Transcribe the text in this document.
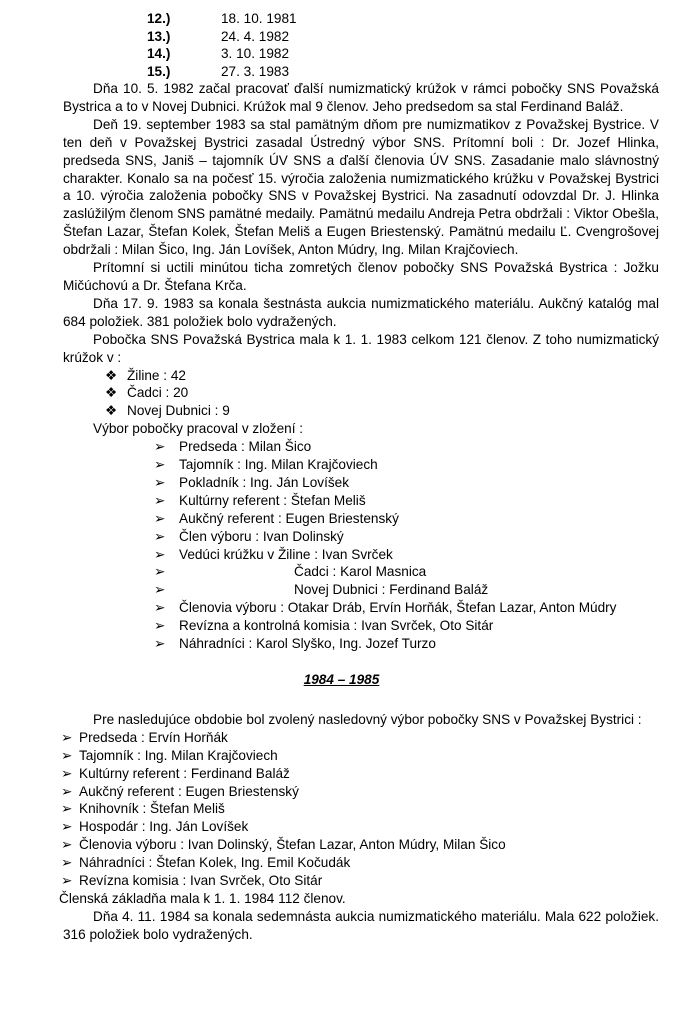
12.)	18. 10. 1981
13.)	24. 4. 1982
14.)	3. 10. 1982
15.)	27. 3. 1983

Dňa 10. 5. 1982 začal pracovať ďalší numizmatický krúžok v rámci pobočky SNS Považská Bystrica a to v Novej Dubnici. Krúžok mal 9 členov. Jeho predsedom sa stal Ferdinand Baláž.

Deň 19. september 1983 sa stal pamätným dňom pre numizmatikov z Považskej Bystrice. V ten deň v Považskej Bystrici zasadal Ústredný výbor SNS. Prítomní boli : Dr. Jozef Hlinka, predseda SNS, Janiš – tajomník ÚV SNS a ďalší členovia ÚV SNS. Zasadanie malo slávnostný charakter. Konalo sa na počesť 15. výročia založenia numizmatického krúžku v Považskej Bystrici a 10. výročia založenia pobočky SNS v Považskej Bystrici. Na zasadnutí odovzdal Dr. J. Hlinka zaslúžilým členom SNS pamätné medaily. Pamätnú medailu Andreja Petra obdržali : Viktor Obešla, Štefan Lazar, Štefan Kolek, Štefan Meliš a Eugen Briestenský. Pamätnú medailu Ľ. Cvengrošovej obdržali : Milan Šico, Ing. Ján Lovíšek, Anton Múdry, Ing. Milan Krajčoviech.

Prítomní si uctili minútou ticha zomretých členov pobočky SNS Považská Bystrica : Jožku Mičúchovú a Dr. Štefana Krča.

Dňa 17. 9. 1983 sa konala šestnásta aukcia numizmatického materiálu. Aukčný katalóg mal 684 položiek. 381 položiek bolo vydražených.

Pobočka SNS Považská Bystrica mala k 1. 1. 1983 celkom 121 členov. Z toho numizmatický krúžok v :

❖ Žiline : 42
❖ Čadci : 20
❖ Novej Dubnici : 9

Výbor pobočky pracoval v zložení :

➢	Predseda : Milan Šico
➢	Tajomník : Ing. Milan Krajčoviech
➢	Pokladník : Ing. Ján Lovíšek
➢	Kultúrny referent : Štefan Meliš
➢	Aukčný referent : Eugen Briestenský
➢	Člen výboru : Ivan Dolinský
➢	Vedúci krúžku v Žiline : Ivan Svrček
➢	Čadci : Karol Masnica
➢	Novej Dubnici : Ferdinand Baláž
➢	Členovia výboru : Otakar Dráb, Ervín Horňák, Štefan Lazar, Anton Múdry
➢	Revízna a kontrolná komisia : Ivan Svrček, Oto Sitár
➢	Náhradníci : Karol Slyško, Ing. Jozef Turzo
1984 – 1985

Pre nasledujúce obdobie bol zvolený nasledovný výbor pobočky SNS v Považskej Bystrici :

➢ Predseda : Ervín Horňák
➢ Tajomník : Ing. Milan Krajčoviech
➢ Kultúrny referent : Ferdinand Baláž
➢ Aukčný referent : Eugen Briestenský
➢ Knihovník : Štefan Meliš
➢ Hospodár : Ing. Ján Lovíšek
➢ Členovia výboru : Ivan Dolinský, Štefan Lazar, Anton Múdry, Milan Šico
➢ Náhradníci : Štefan Kolek, Ing. Emil Kočudák
➢ Revízna komisia : Ivan Svrček, Oto Sitár

Členská základňa mala k 1. 1. 1984 112 členov.

Dňa 4. 11. 1984 sa konala sedemnásta aukcia numizmatického materiálu. Mala 622 položiek. 316 položiek bolo vydražených.
